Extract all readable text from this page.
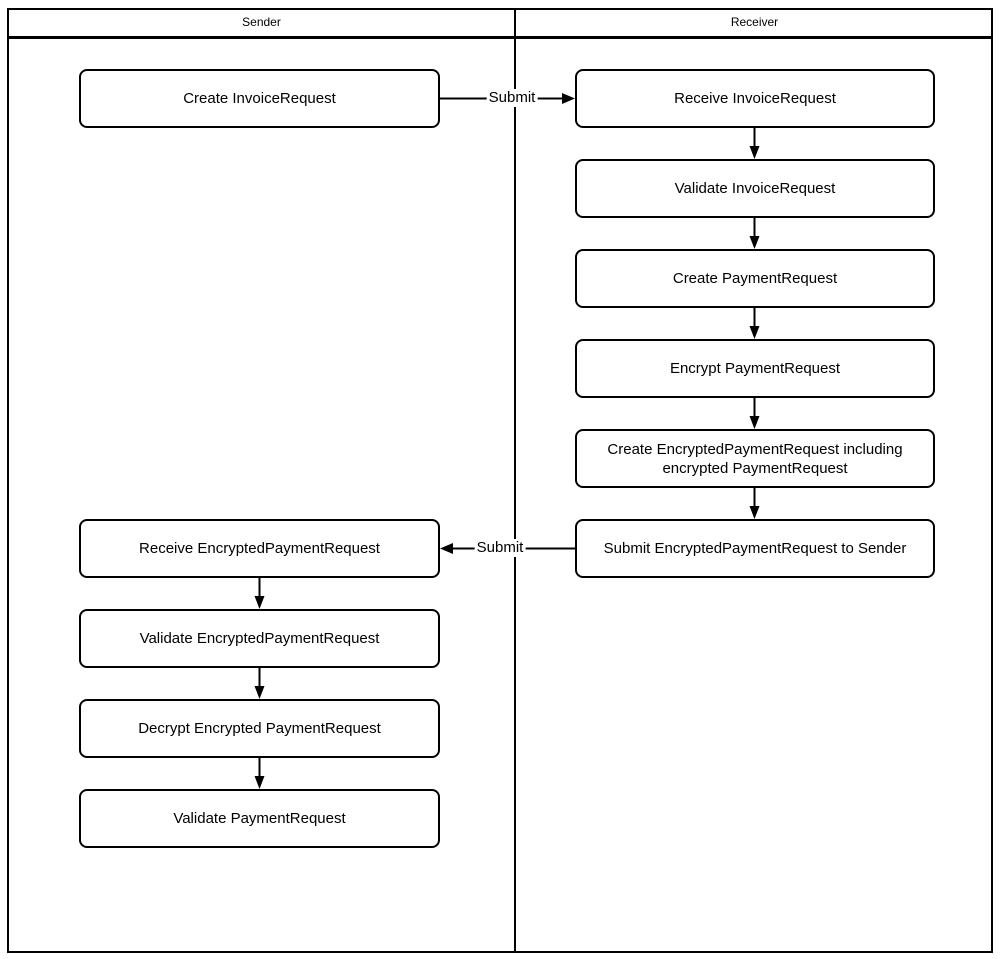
Sender	Receiver
Submit
Submit
Create InvoiceRequest
Receive EncryptedPaymentRequest
Validate EncryptedPaymentRequest
Decrypt Encrypted PaymentRequest
Validate PaymentRequest
Receive InvoiceRequest
Validate InvoiceRequest
Create PaymentRequest
Encrypt PaymentRequest
Create EncryptedPaymentRequest including encrypted PaymentRequest
Submit EncryptedPaymentRequest to Sender
